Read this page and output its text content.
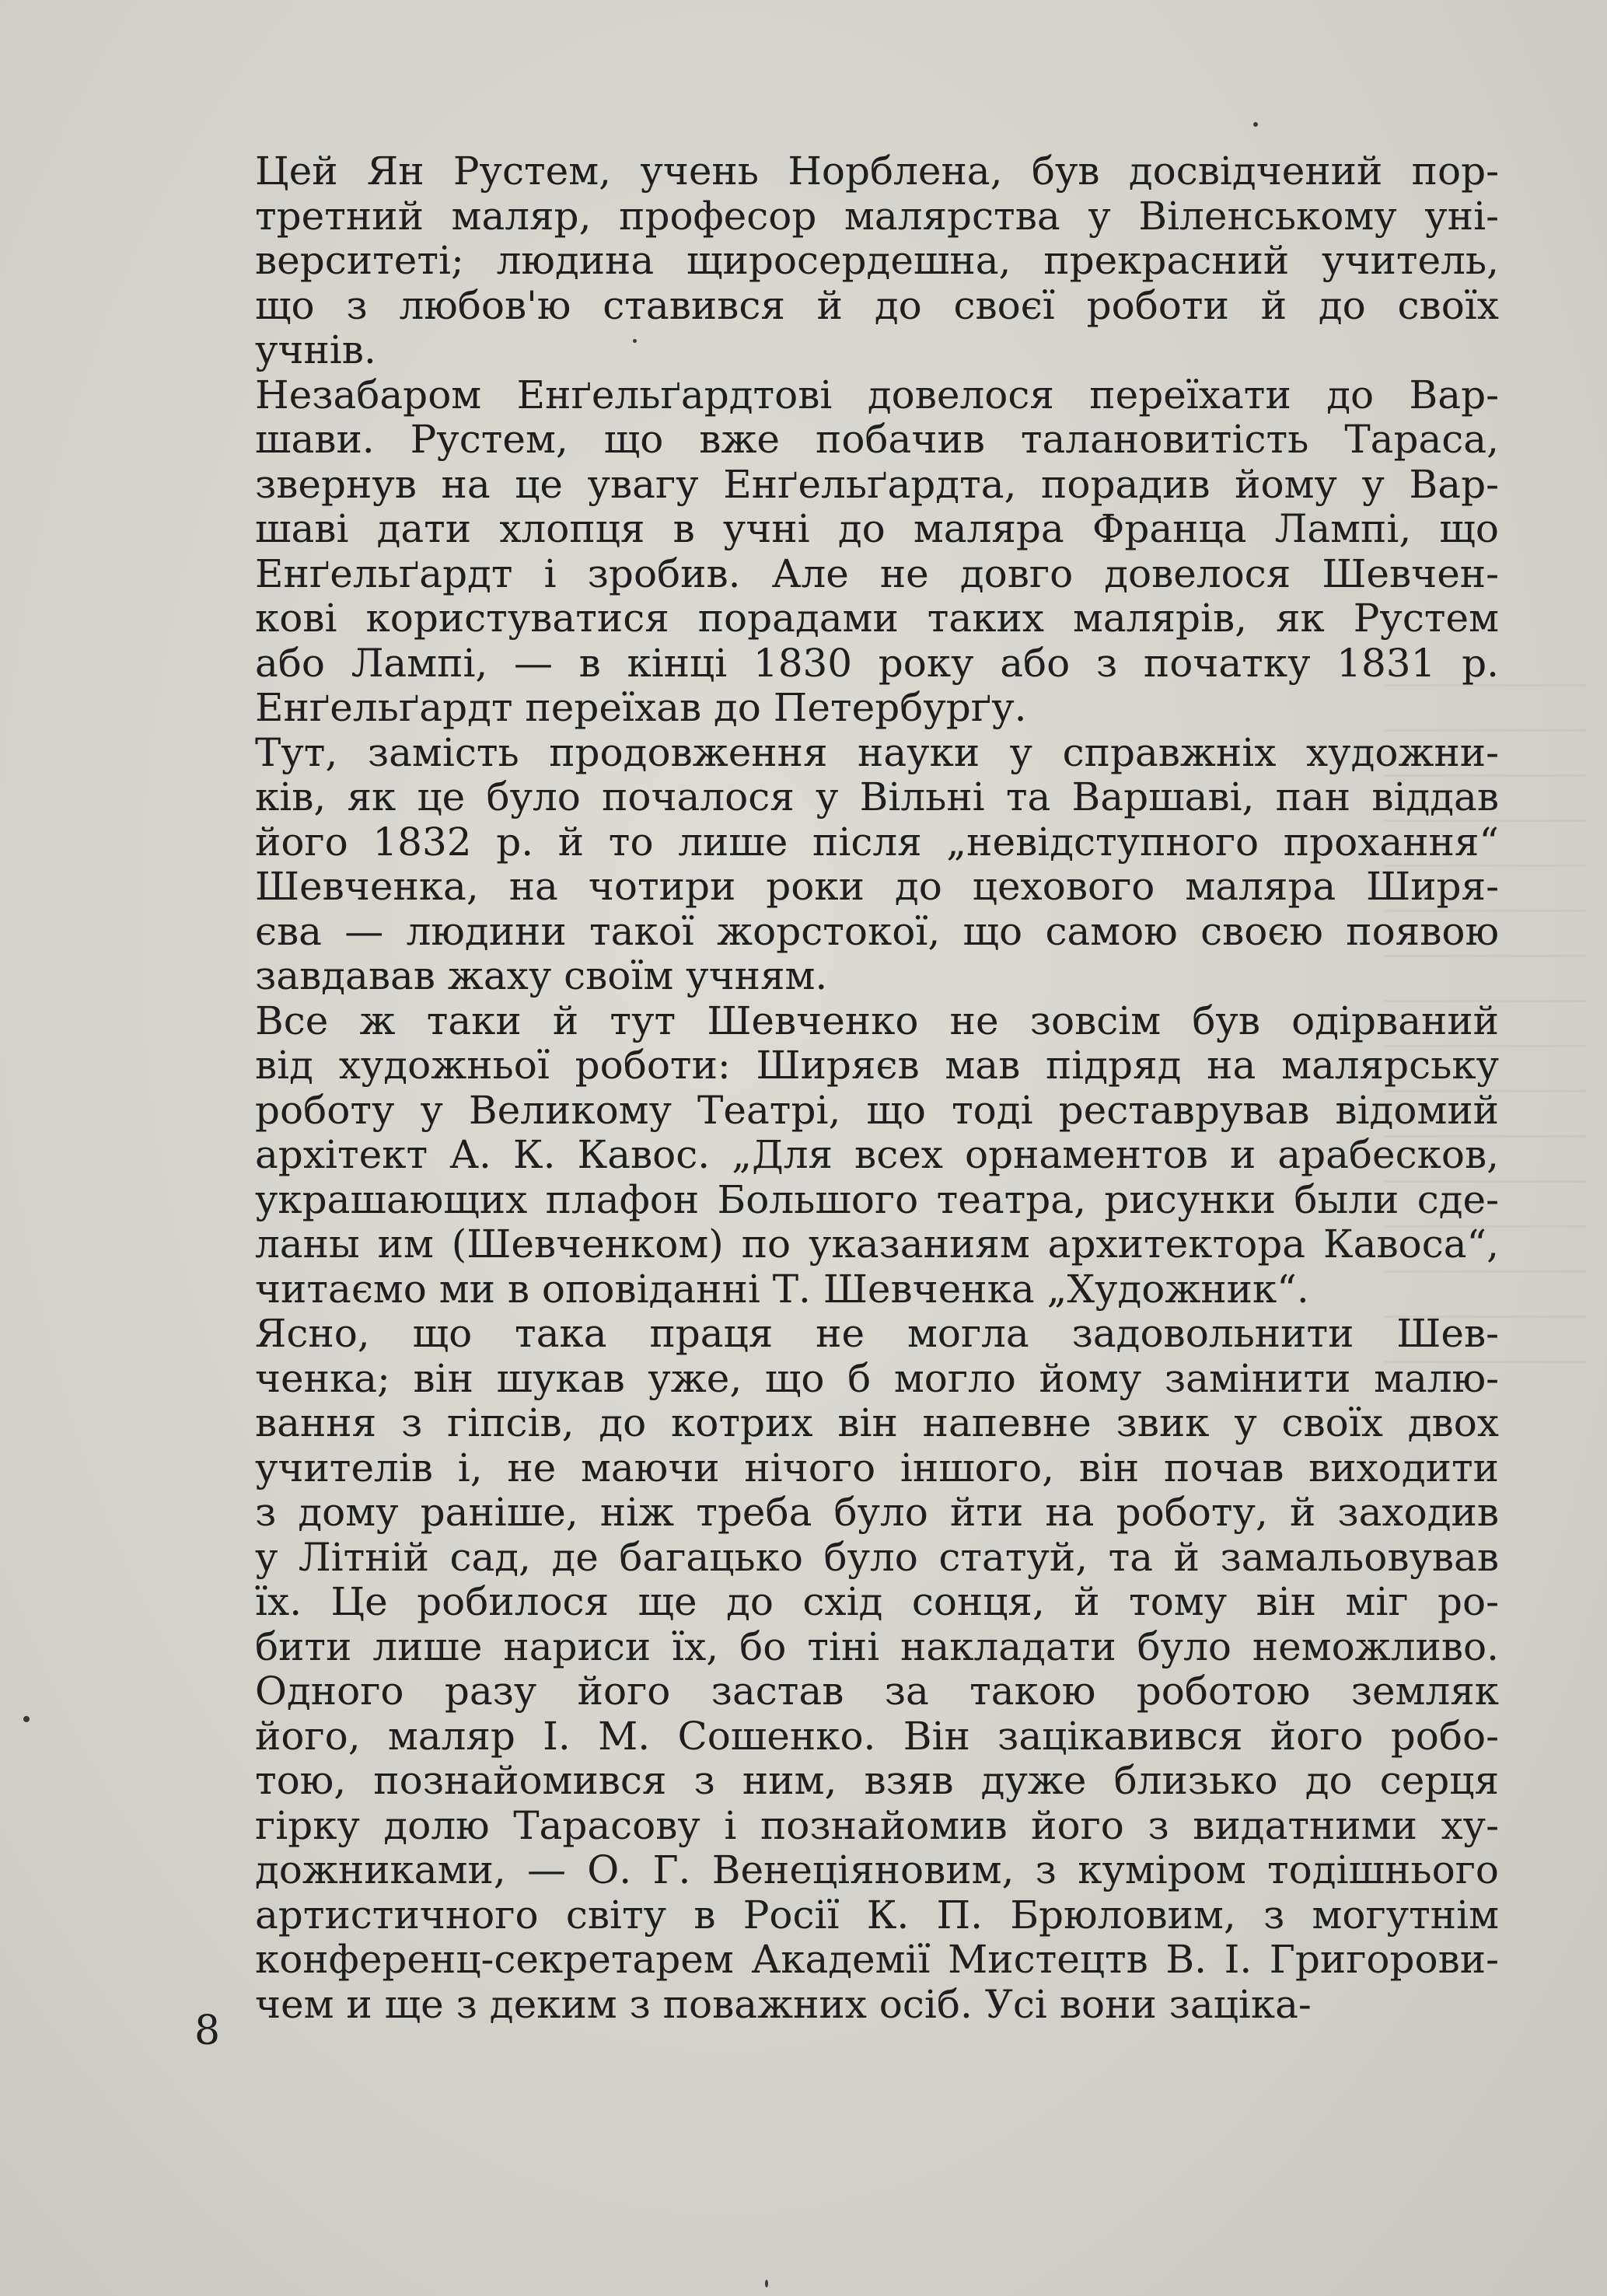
Цей Ян Рустем, учень Норблена, був досвідчений пор-
третний маляр, професор малярства у Віленському уні-
верситеті; людина щиросердешна, прекрасний учитель,
що з любов'ю ставився й до своєї роботи й до своїх
учнів.
Незабаром Енґельґардтові довелося переїхати до Вар-
шави. Рустем, що вже побачив талановитість Тараса,
звернув на це увагу Енґельґардта, порадив йому у Вар-
шаві дати хлопця в учні до маляра Франца Лампі, що
Енґельґардт і зробив. Але не довго довелося Шевчен-
кові користуватися порадами таких малярів, як Рустем
або Лампі, — в кінці 1830 року або з початку 1831 р.
Енґельґардт переїхав до Петербурґу.
Тут, замість продовження науки у справжніх художни-
ків, як це було почалося у Вільні та Варшаві, пан віддав
його 1832 р. й то лише після „невідступного прохання“
Шевченка, на чотири роки до цехового маляра Ширя-
єва — людини такої жорстокої, що самою своєю появою
завдавав жаху своїм учням.
Все ж таки й тут Шевченко не зовсім був одірваний
від художньої роботи: Ширяєв мав підряд на малярську
роботу у Великому Театрі, що тоді реставрував відомий
архітект А. К. Кавос. „Для всех орнаментов и арабесков,
украшающих плафон Большого театра, рисунки были сде-
ланы им (Шевченком) по указаниям архитектора Кавоса“,
читаємо ми в оповіданні Т. Шевченка „Художник“.
Ясно, що така праця не могла задовольнити Шев-
ченка; він шукав уже, що б могло йому замінити малю-
вання з гіпсів, до котрих він напевне звик у своїх двох
учителів і, не маючи нічого іншого, він почав виходити
з дому раніше, ніж треба було йти на роботу, й заходив
у Літній сад, де багацько було статуй, та й замальовував
їх. Це робилося ще до схід сонця, й тому він міг ро-
бити лише нариси їх, бо тіні накладати було неможливо.
Одного разу його застав за такою роботою земляк
його, маляр І. М. Сошенко. Він зацікавився його робо-
тою, познайомився з ним, взяв дуже близько до серця
гірку долю Тарасову і познайомив його з видатними ху-
дожниками, — О. Г. Венеціяновим, з куміром тодішнього
артистичного світу в Росії К. П. Брюловим, з могутнім
конференц-секретарем Академії Мистецтв В. І. Григорови-
чем и ще з деким з поважних осіб. Усі вони заціка-
8
